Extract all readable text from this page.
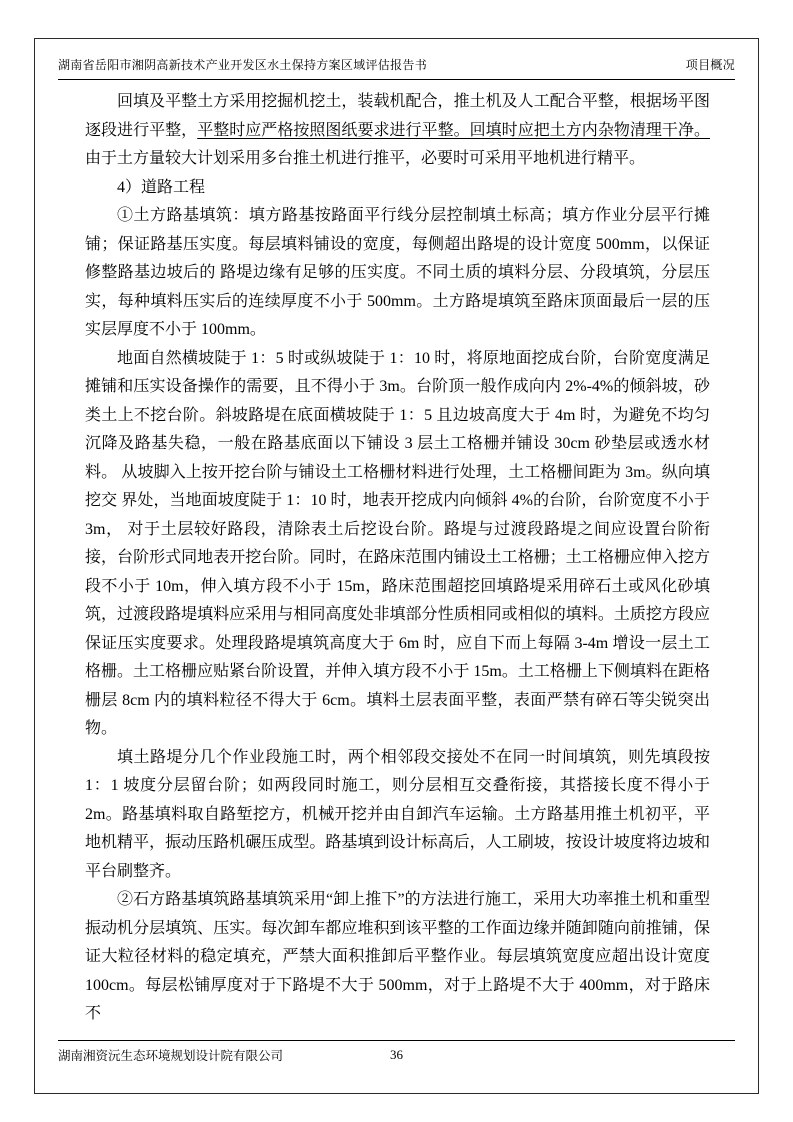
湖南省岳阳市湘阴高新技术产业开发区水土保持方案区域评估报告书	项目概况

回填及平整土方采用挖掘机挖土，装载机配合，推土机及人工配合平整，根据场平图逐段进行平整，平整时应严格按照图纸要求进行平整。回填时应把土方内杂物清理干净。由于土方量较大计划采用多台推土机进行推平，必要时可采用平地机进行精平。

4）道路工程

①土方路基填筑：填方路基按路面平行线分层控制填土标高；填方作业分层平行摊铺；保证路基压实度。每层填料铺设的宽度，每侧超出路堤的设计宽度 500mm，以保证修整路基边坡后的 路堤边缘有足够的压实度。不同土质的填料分层、分段填筑，分层压实，每种填料压实后的连续厚度不小于 500mm。土方路堤填筑至路床顶面最后一层的压实层厚度不小于 100mm。

地面自然横坡陡于 1：5 时或纵坡陡于 1：10 时，将原地面挖成台阶，台阶宽度满足摊铺和压实设备操作的需要，且不得小于 3m。台阶顶一般作成向内 2%-4%的倾斜坡，砂类土上不挖台阶。斜坡路堤在底面横坡陡于 1：5 且边坡高度大于 4m 时，为避免不均匀沉降及路基失稳，一般在路基底面以下铺设 3 层土工格栅并铺设 30cm 砂垫层或透水材料。 从坡脚入上按开挖台阶与铺设土工格栅材料进行处理，土工格栅间距为 3m。纵向填挖交 界处，当地面坡度陡于 1：10 时，地表开挖成内向倾斜 4%的台阶，台阶宽度不小于 3m， 对于土层较好路段，清除表土后挖设台阶。路堤与过渡段路堤之间应设置台阶衔接，台阶形式同地表开挖台阶。同时，在路床范围内铺设土工格栅；土工格栅应伸入挖方段不小于 10m，伸入填方段不小于 15m，路床范围超挖回填路堤采用碎石土或风化砂填筑，过渡段路堤填料应采用与相同高度处非填部分性质相同或相似的填料。土质挖方段应保证压实度要求。处理段路堤填筑高度大于 6m 时，应自下而上每隔 3-4m 增设一层土工格栅。土工格栅应贴紧台阶设置，并伸入填方段不小于 15m。土工格栅上下侧填料在距格栅层 8cm 内的填料粒径不得大于 6cm。填料土层表面平整，表面严禁有碎石等尖锐突出物。

填土路堤分几个作业段施工时，两个相邻段交接处不在同一时间填筑，则先填段按 1：1 坡度分层留台阶；如两段同时施工，则分层相互交叠衔接，其搭接长度不得小于 2m。路基填料取自路堑挖方，机械开挖并由自卸汽车运输。土方路基用推土机初平，平地机精平，振动压路机碾压成型。路基填到设计标高后，人工刷坡，按设计坡度将边坡和平台刷整齐。

②石方路基填筑路基填筑采用“卸上推下”的方法进行施工，采用大功率推土机和重型振动机分层填筑、压实。每次卸车都应堆积到该平整的工作面边缘并随卸随向前推铺，保证大粒径材料的稳定填充，严禁大面积推卸后平整作业。每层填筑宽度应超出设计宽度 100cm。每层松铺厚度对于下路堤不大于 500mm，对于上路堤不大于 400mm，对于路床不

湖南湘资沅生态环境规划设计院有限公司	36
